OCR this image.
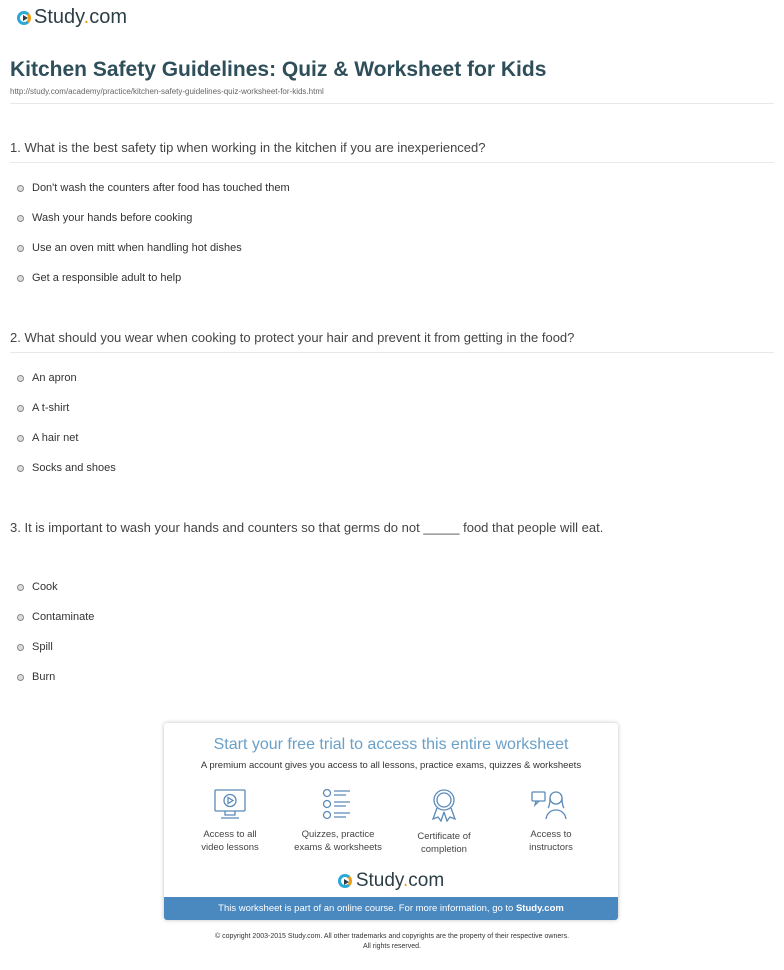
Study.com
Kitchen Safety Guidelines: Quiz & Worksheet for Kids
http://study.com/academy/practice/kitchen-safety-guidelines-quiz-worksheet-for-kids.html
1. What is the best safety tip when working in the kitchen if you are inexperienced?
2. What should you wear when cooking to protect your hair and prevent it from getting in the food?
3. It is important to wash your hands and counters so that germs do not _____ food that people will eat.
Start your free trial to access this entire worksheet
A premium account gives you access to all lessons, practice exams, quizzes & worksheets
Access to all
video lessons
Quizzes, practice
exams & worksheets
Certificate of
completion
Access to
instructors
Study.com
This worksheet is part of an online course. For more information, go to Study.com
© copyright 2003-2015 Study.com. All other trademarks and copyrights are the property of their respective owners.
All rights reserved.
Don't wash the counters after food has touched them
Wash your hands before cooking
Use an oven mitt when handling hot dishes
Get a responsible adult to help
An apron
A t-shirt
A hair net
Socks and shoes
Cook
Contaminate
Spill
Burn
